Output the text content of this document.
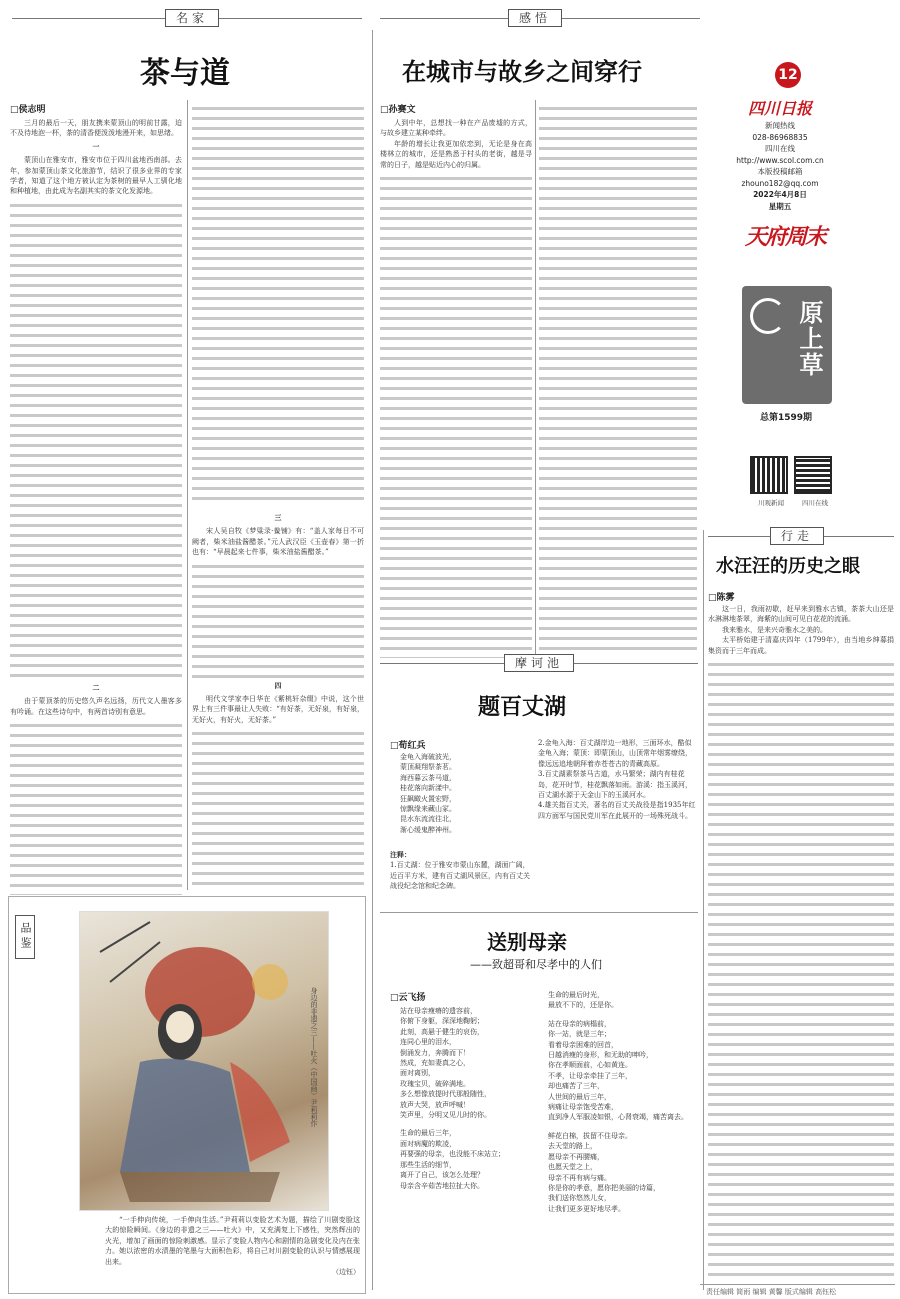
名家
茶与道
□侯志明

三月的最后一天，朋友携来蒙顶山的明前甘露，迫不及待地泡一杯，茶的清香便泼泼地漫开来，如思绪。

一

蒙顶山在雅安市，雅安市位于四川盆地西南部。去年，参加蒙顶山茶文化旅游节，结识了很多业界的专家学者，知道了这个地方被认定为茶树的最早人工驯化地和种植地，由此成为名副其实的茶文化发源地。

二

由于蒙顶茶的历史悠久声名远扬，历代文人墨客多有吟诵。在这些诗句中，有两首诗别有意思。

三

宋人吴自牧《梦粱录·鲞铺》有：“盖人家每日不可阙者，柴米油盐酱醋茶。”元人武汉臣《玉壶春》第一折也有：“早晨起来七件事，柴米油盐酱醋茶。”

四

明代文学家李日华在《紫桃轩杂缀》中说，这个世界上有三件事最让人失败：“有好茶，无好泉，有好泉，无好火，有好火，无好茶。”

品鉴
身边的非遗之三——吐火（中国画）尹莉莉作

“一手伸向传统，一手伸向生活。”尹莉莉以变脸艺术为题，描绘了川剧变脸这大的惊险瞬间。《身边的非遗之三——吐火》中，又充满复上下感性，突然辉出的火光，增加了画面的惊险刺激感。显示了变脸人物内心和剧情的急剧变化及内在张力。她以浓密的水渍墨的笔墨与大面积色彩，将自己对川剧变脸的认识与情感展现出来。

（边钰）

感悟
在城市与故乡之间穿行
□孙赛文

人到中年，总想找一种在产品废墟的方式，与故乡建立某种牵绊。

年龄的增长让我更加依恋到，无论是身在高楼林立的城市，还是熟悉于村头的老街，越是寻常的日子，越是贴近内心的归属。

12
四川日报
新闻热线
028-86968835
四川在线
http://www.scol.com.cn
本版投稿邮箱
zhouno182@qq.com
2022年4月8日
星期五
天府周末
原上草
总第1599期
川观新闻	四川在线
行走
水汪汪的历史之眼
□陈雾

这一日，我雨初歇，赶早来到雅水古镇，茶茶大山还是水淋淋地茶翠，海紫的山间可见白花花的流涌。

我来雅水，是来兴奇雅水之美的。

太平桥始建于清嘉庆四年（1799年），由当地乡绅募捐集资而于三年而成。

摩诃池
题百丈湖
□荀红兵
金龟入海破波光，
蒙顶凝翔祭茶茗。
海西暮云茶马道，
桂花落向新漾中。
狂飙瞰火置宏野，
惊飘缘来藏山冢。
昆水东流流往北，
渐心缓鬼醉神州。
注释：
1.百丈湖：位于雅安市蒙山东麓，湖面广阔，近百平方米，建有百丈湖风景区，内有百丈关战役纪念馆和纪念碑。
2.金龟入海：百丈湖岸边一地形，三面环水，酷似金龟入海；蒙顶：即蒙顶山，山顶常年烟雾缭绕，像远远追地朝拜着赤苍苍古的青藏高原。
3.百丈湖素祭茶马古道，水马繁荣；湖内有桂花岛，花开时节，桂花飘落如雨。游溪：指玉溪河，百丈湖水源于天金山下的玉溪河水。
4.雄关指百丈关，著名的百丈关战役是指1935年红四方面军与国民党川军在此展开的一场殊死战斗。
送别母亲
——致超哥和尽孝中的人们
□云飞扬
站在母亲瘦瘠的遗容前，
你俯下身躯，深深地鞠躬；
此刻，高悬于健生的哀伤，
连同心里的泪水，
倒涌发力，奔腾而下！
然成，充如妻真之心，
面对离别，
玫瑰宝贝，破碎满地。
多么想像放提时代那般随性，
放声大哭，放声呼喊！
笑声里，分明又见儿时的你。
生命的最后三年，
面对病魔的欺凌，
再要强的母亲，也没能不床站立；
那些生活的细节，
离开了自己，该怎么处理？
母亲含辛茹苦地拉扯大你。
生命的最后时光，
最放不下的，还是你。
站在母亲的病榻前，
你一站，就是三年；
看着母亲困难的回首，
日越消瘦的身形，和无助的呻吟，
你在孝顺面前，心如黄连。
不孝，让母亲牵挂了三年，
却也痛苦了三年，
人世间的最后三年，
病痛让母亲饱受苦难，
直到净人军服凌如银，心肾衰竭，痛苦离去。
鲜花白棉，拔留不住母亲。
去天堂的路上，
愿母亲不再腰痛，
也愿天堂之上，
母亲不再有病与痛。
你是你的孝意，愿你把美丽的诗篇，
我们送你悠然儿女，
让我们更多更好地尽孝。
责任编辑 简雨 编辑 黄馨 版式编辑 高钰松
